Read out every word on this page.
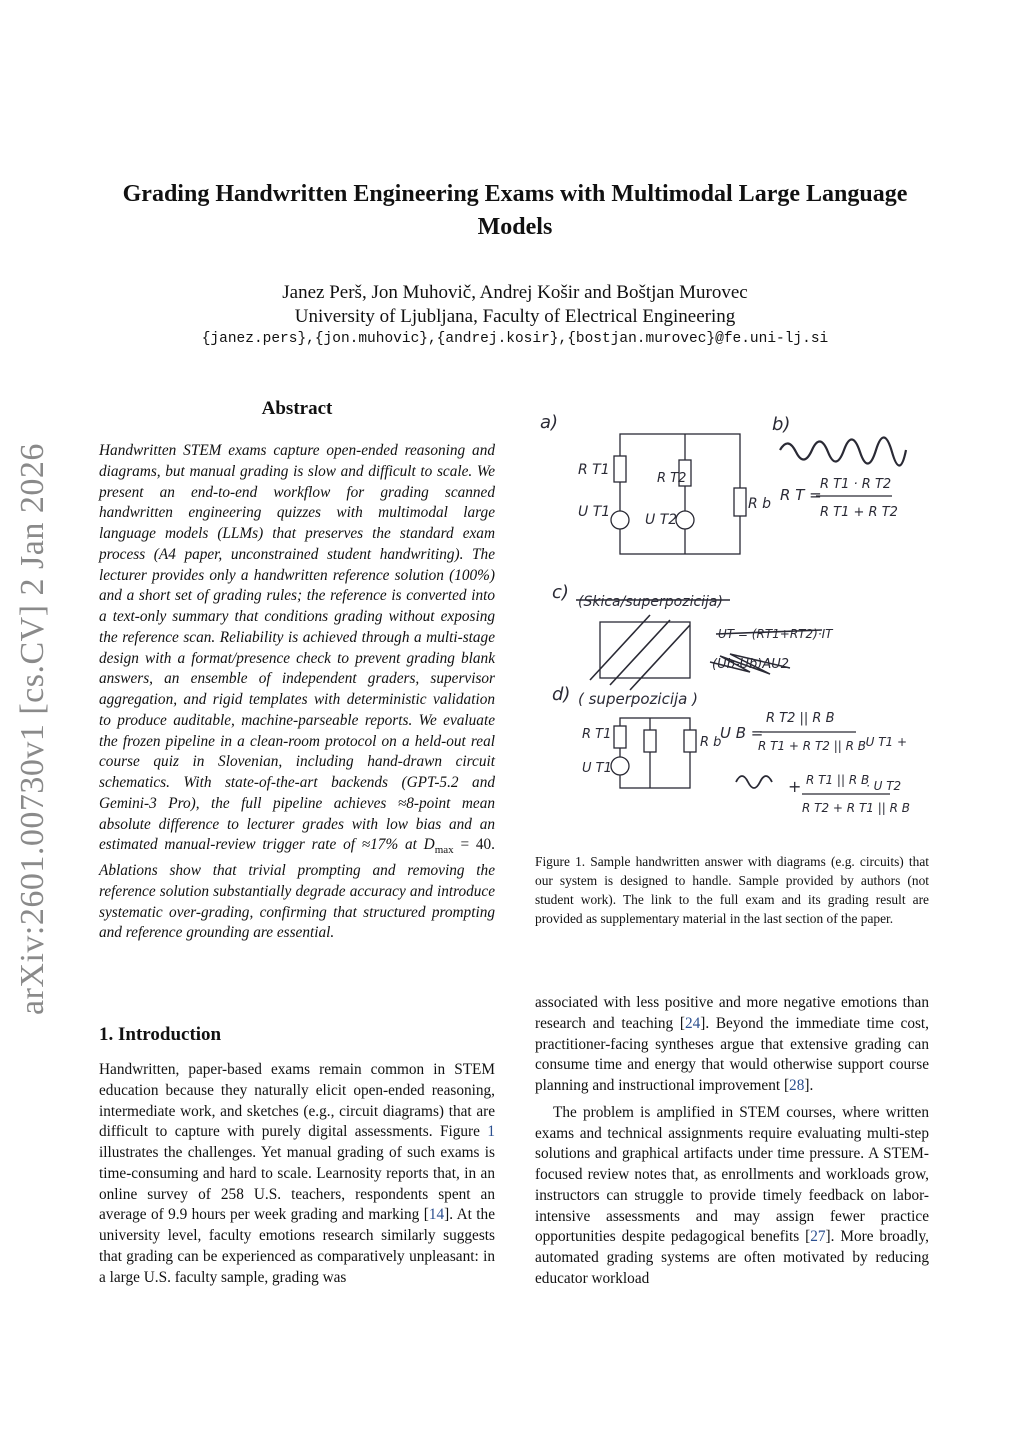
arXiv:2601.00730v1 [cs.CV] 2 Jan 2026
Grading Handwritten Engineering Exams with Multimodal Large Language Models
Janez Perš, Jon Muhovič, Andrej Košir and Boštjan Murovec
University of Ljubljana, Faculty of Electrical Engineering
{janez.pers},{jon.muhovic},{andrej.kosir},{bostjan.murovec}@fe.uni-lj.si
Abstract
Handwritten STEM exams capture open-ended reasoning and diagrams, but manual grading is slow and difficult to scale. We present an end-to-end workflow for grading scanned handwritten engineering quizzes with multimodal large language models (LLMs) that preserves the standard exam process (A4 paper, unconstrained student handwriting). The lecturer provides only a handwritten reference solution (100%) and a short set of grading rules; the reference is converted into a text-only summary that conditions grading without exposing the reference scan. Reliability is achieved through a multi-stage design with a format/presence check to prevent grading blank answers, an ensemble of independent graders, supervisor aggregation, and rigid templates with deterministic validation to produce auditable, machine-parseable reports. We evaluate the frozen pipeline in a clean-room protocol on a held-out real course quiz in Slovenian, including hand-drawn circuit schematics. With state-of-the-art backends (GPT-5.2 and Gemini-3 Pro), the full pipeline achieves ≈8-point mean absolute difference to lecturer grades with low bias and an estimated manual-review trigger rate of ≈17% at $D_{max} = 40$. Ablations show that trivial prompting and removing the reference solution substantially degrade accuracy and introduce systematic over-grading, confirming that structured prompting and reference grounding are essential.
a)
R T1
R T2
U T1 U T2
R b
b)
R T =
R T1 · R T2
R T1 + R T2
c) (Skica/superpozicija)
UT = (RT1+RT2)·IT
(Ub-Ub)AU2
d) ( superpozicija )
R T1
R b
U T1
U B =
R T2 || R B
R T1 + R T2 || R B
· U T1 +
+ R T1 || R B
R T2 + R T1 || R B
· U T2
Figure 1. Sample handwritten answer with diagrams (e.g. circuits) that our system is designed to handle. Sample provided by authors (not student work). The link to the full exam and its grading result are provided as supplementary material in the last section of the paper.
1. Introduction
Handwritten, paper-based exams remain common in STEM education because they naturally elicit open-ended reasoning, intermediate work, and sketches (e.g., circuit diagrams) that are difficult to capture with purely digital assessments. Figure 1 illustrates the challenges. Yet manual grading of such exams is time-consuming and hard to scale. Learnosity reports that, in an online survey of 258 U.S. teachers, respondents spent an average of 9.9 hours per week grading and marking [14]. At the university level, faculty emotions research similarly suggests that grading can be experienced as comparatively unpleasant: in a large U.S. faculty sample, grading was

associated with less positive and more negative emotions than research and teaching [24]. Beyond the immediate time cost, practitioner-facing syntheses argue that extensive grading can consume time and energy that would otherwise support course planning and instructional improvement [28].

The problem is amplified in STEM courses, where written exams and technical assignments require evaluating multi-step solutions and graphical artifacts under time pressure. A STEM-focused review notes that, as enrollments and workloads grow, instructors can struggle to provide timely feedback on labor-intensive assessments and may assign fewer practice opportunities despite pedagogical benefits [27]. More broadly, automated grading systems are often motivated by reducing educator workload
